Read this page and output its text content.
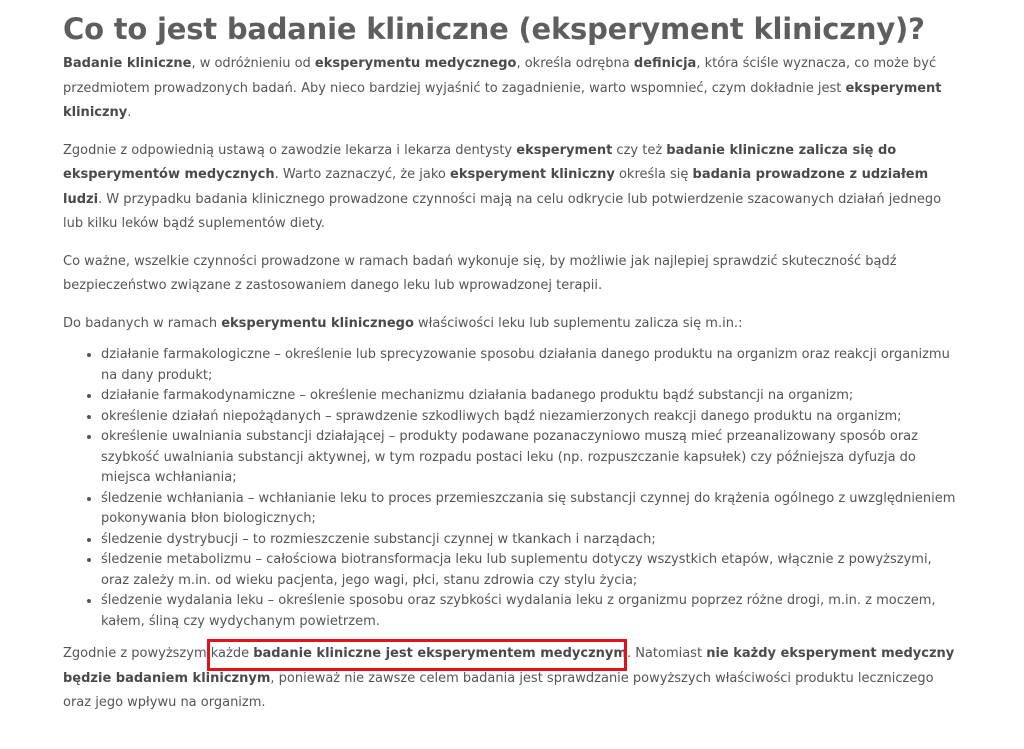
Co to jest badanie kliniczne (eksperyment kliniczny)?

Badanie kliniczne, w odróżnieniu od eksperymentu medycznego, określa odrębna definicja, która ściśle wyznacza, co może być przedmiotem prowadzonych badań. Aby nieco bardziej wyjaśnić to zagadnienie, warto wspomnieć, czym dokładnie jest eksperyment kliniczny.

Zgodnie z odpowiednią ustawą o zawodzie lekarza i lekarza dentysty eksperyment czy też badanie kliniczne zalicza się do eksperymentów medycznych. Warto zaznaczyć, że jako eksperyment kliniczny określa się badania prowadzone z udziałem ludzi. W przypadku badania klinicznego prowadzone czynności mają na celu odkrycie lub potwierdzenie szacowanych działań jednego lub kilku leków bądź suplementów diety.

Co ważne, wszelkie czynności prowadzone w ramach badań wykonuje się, by możliwie jak najlepiej sprawdzić skuteczność bądź bezpieczeństwo związane z zastosowaniem danego leku lub wprowadzonej terapii.

Do badanych w ramach eksperymentu klinicznego właściwości leku lub suplementu zalicza się m.in.:

• działanie farmakologiczne – określenie lub sprecyzowanie sposobu działania danego produktu na organizm oraz reakcji organizmu na dany produkt;
• działanie farmakodynamiczne – określenie mechanizmu działania badanego produktu bądź substancji na organizm;
• określenie działań niepożądanych – sprawdzenie szkodliwych bądź niezamierzonych reakcji danego produktu na organizm;
• określenie uwalniania substancji działającej – produkty podawane pozanaczyniowo muszą mieć przeanalizowany sposób oraz szybkość uwalniania substancji aktywnej, w tym rozpadu postaci leku (np. rozpuszczanie kapsułek) czy późniejsza dyfuzja do miejsca wchłaniania;
• śledzenie wchłaniania – wchłanianie leku to proces przemieszczania się substancji czynnej do krążenia ogólnego z uwzględnieniem pokonywania błon biologicznych;
• śledzenie dystrybucji – to rozmieszczenie substancji czynnej w tkankach i narządach;
• śledzenie metabolizmu – całościowa biotransformacja leku lub suplementu dotyczy wszystkich etapów, włącznie z powyższymi, oraz zależy m.in. od wieku pacjenta, jego wagi, płci, stanu zdrowia czy stylu życia;
• śledzenie wydalania leku – określenie sposobu oraz szybkości wydalania leku z organizmu poprzez różne drogi, m.in. z moczem, kałem, śliną czy wydychanym powietrzem.

Zgodnie z powyższym każde badanie kliniczne jest eksperymentem medycznym. Natomiast nie każdy eksperyment medyczny będzie badaniem klinicznym, ponieważ nie zawsze celem badania jest sprawdzanie powyższych właściwości produktu leczniczego oraz jego wpływu na organizm.
